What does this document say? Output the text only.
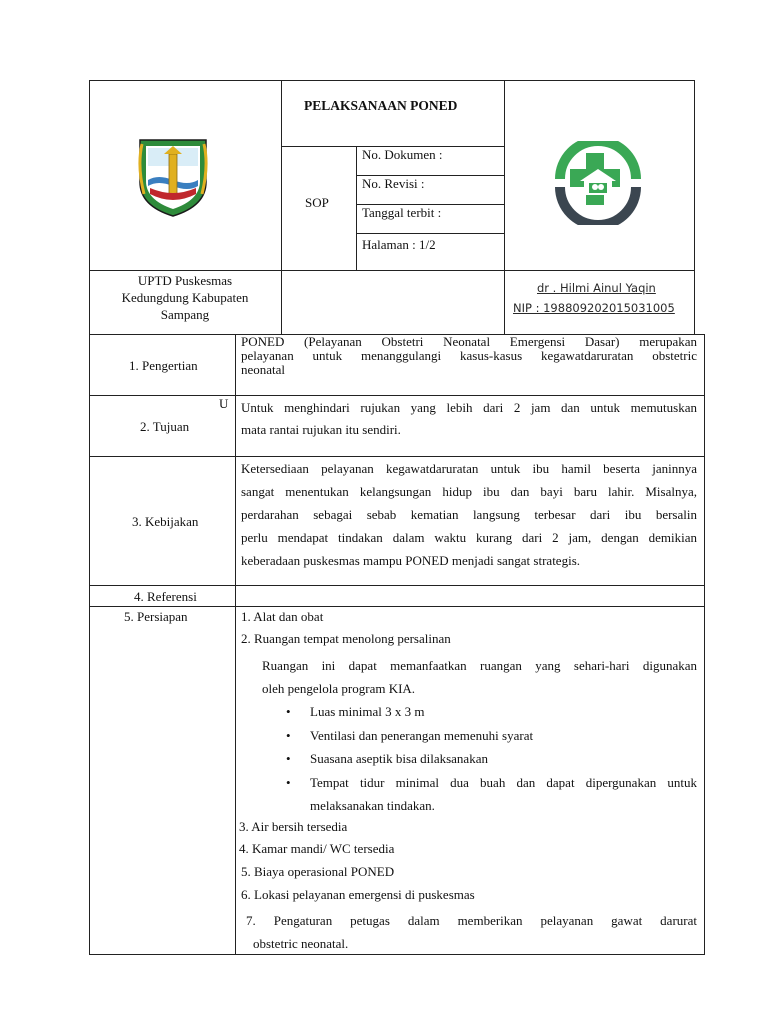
PELAKSANAAN PONED
SOP
No. Dokumen :
No. Revisi :
Tanggal terbit :
Halaman : 1/2
UPTD Puskesmas
Kedungdung Kabupaten
Sampang
dr . Hilmi Ainul Yaqin
NIP : 198809202015031005
1. Pengertian
PONED (Pelayanan Obstetri Neonatal Emergensi Dasar) merupakan
pelayanan untuk menanggulangi kasus-kasus kegawatdaruratan obstetric
neonatal
U
2. Tujuan
Untuk menghindari rujukan yang lebih dari 2 jam dan untuk memutuskan
mata rantai rujukan itu sendiri.
3. Kebijakan
Ketersediaan pelayanan kegawatdaruratan untuk ibu hamil beserta janinnya
sangat menentukan kelangsungan hidup ibu dan bayi baru lahir. Misalnya,
perdarahan sebagai sebab kematian langsung terbesar dari ibu bersalin
perlu mendapat tindakan dalam waktu kurang dari 2 jam, dengan demikian
keberadaan puskesmas mampu PONED menjadi sangat strategis.
4. Referensi
5. Persiapan	1. Alat dan obat
2. Ruangan tempat menolong persalinan
Ruangan ini dapat memanfaatkan ruangan yang sehari-hari digunakan
oleh pengelola program KIA.
• Luas minimal 3 x 3 m
• Ventilasi dan penerangan memenuhi syarat
• Suasana aseptik bisa dilaksanakan
• Tempat tidur minimal dua buah dan dapat dipergunakan untuk
melaksanakan tindakan.
3. Air bersih tersedia
4. Kamar mandi/ WC tersedia
5. Biaya operasional PONED
6. Lokasi pelayanan emergensi di puskesmas
7. Pengaturan petugas dalam memberikan pelayanan gawat darurat
obstetric neonatal.
